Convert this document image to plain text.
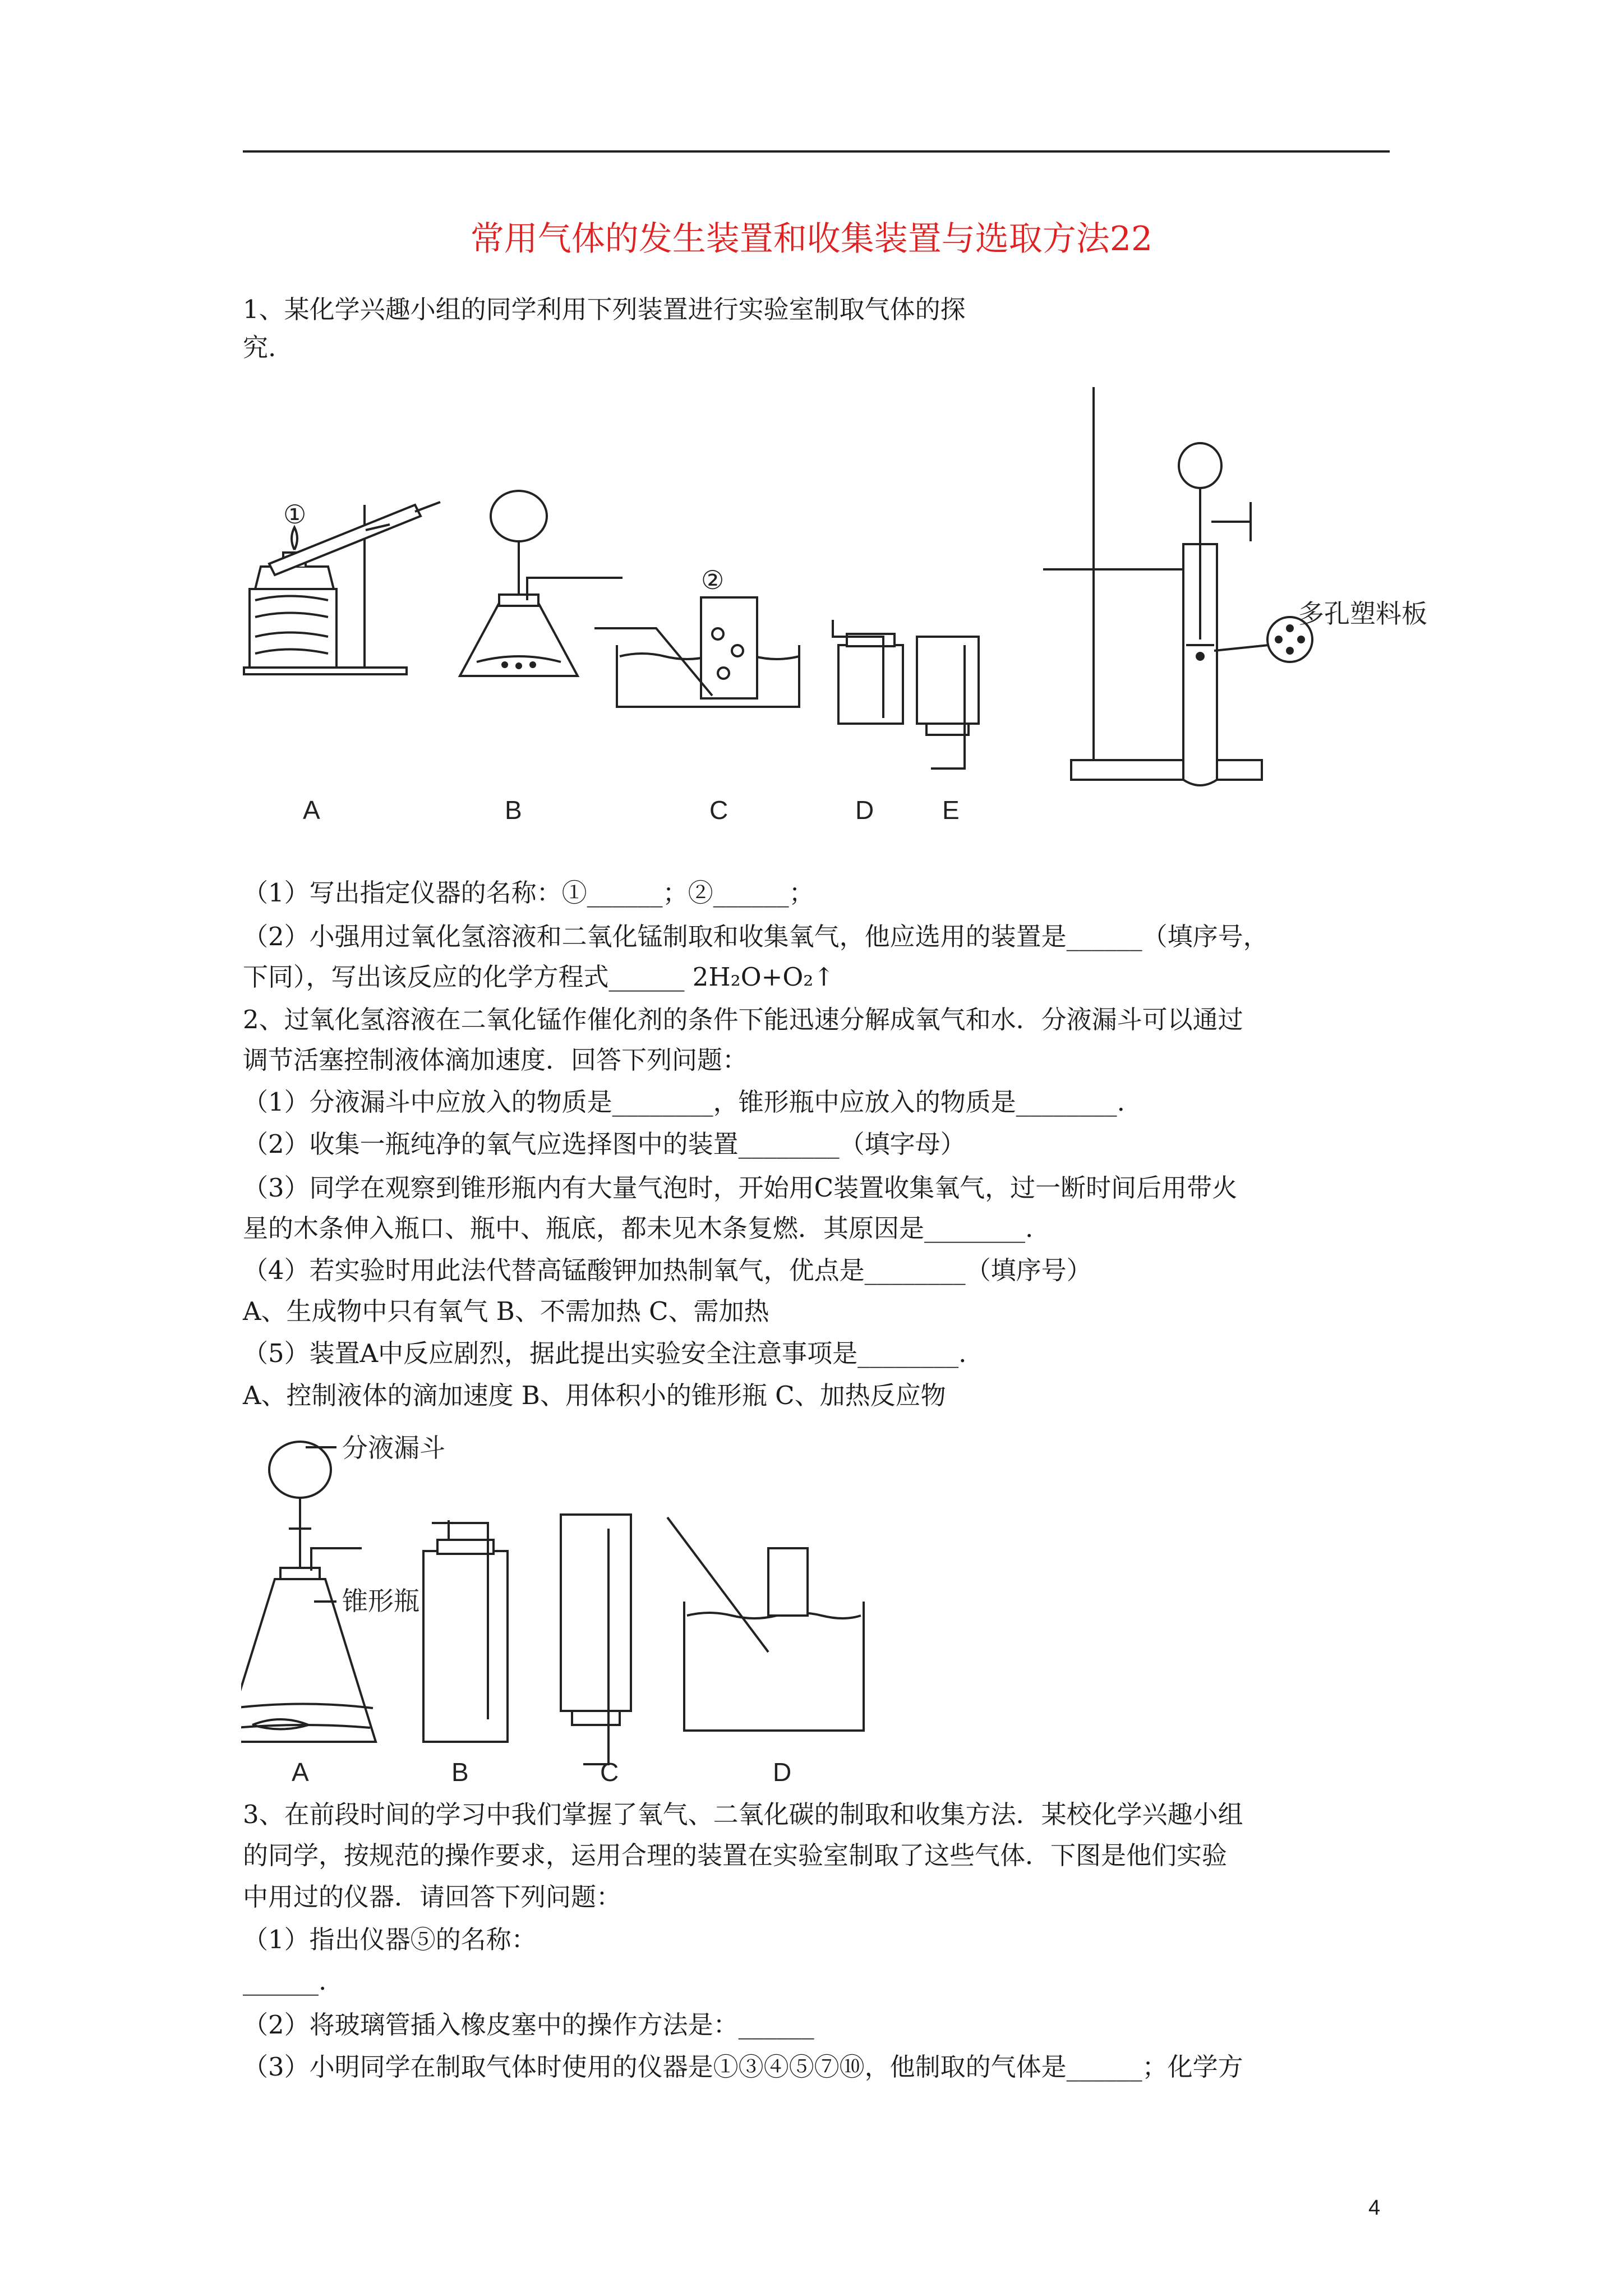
常用气体的发生装置和收集装置与选取方法22
1、某化学兴趣小组的同学利用下列装置进行实验室制取气体的探
究.
①
A	B
②
C	D	E
多孔塑料板
（1）写出指定仪器的名称：①______；②______；
（2）小强用过氧化氢溶液和二氧化锰制取和收集氧气，他应选用的装置是______（填序号，
下同），写出该反应的化学方程式______ 2H₂O+O₂↑
2、过氧化氢溶液在二氧化锰作催化剂的条件下能迅速分解成氧气和水．分液漏斗可以通过
调节活塞控制液体滴加速度．回答下列问题：
（1）分液漏斗中应放入的物质是________，锥形瓶中应放入的物质是________.
（2）收集一瓶纯净的氧气应选择图中的装置________（填字母）
（3）同学在观察到锥形瓶内有大量气泡时，开始用C装置收集氧气，过一断时间后用带火
星的木条伸入瓶口、瓶中、瓶底，都未见木条复燃．其原因是________.
（4）若实验时用此法代替高锰酸钾加热制氧气，优点是________（填序号）
A、生成物中只有氧气 B、不需加热 C、需加热
（5）装置A中反应剧烈，据此提出实验安全注意事项是________.
A、控制液体的滴加速度 B、用体积小的锥形瓶 C、加热反应物
分液漏斗
锥形瓶
A	B	C	D
3、在前段时间的学习中我们掌握了氧气、二氧化碳的制取和收集方法．某校化学兴趣小组
的同学，按规范的操作要求，运用合理的装置在实验室制取了这些气体．下图是他们实验
中用过的仪器．请回答下列问题：
（1）指出仪器⑤的名称：
______.
（2）将玻璃管插入橡皮塞中的操作方法是：______
（3）小明同学在制取气体时使用的仪器是①③④⑤⑦⑩，他制取的气体是______；化学方
4
